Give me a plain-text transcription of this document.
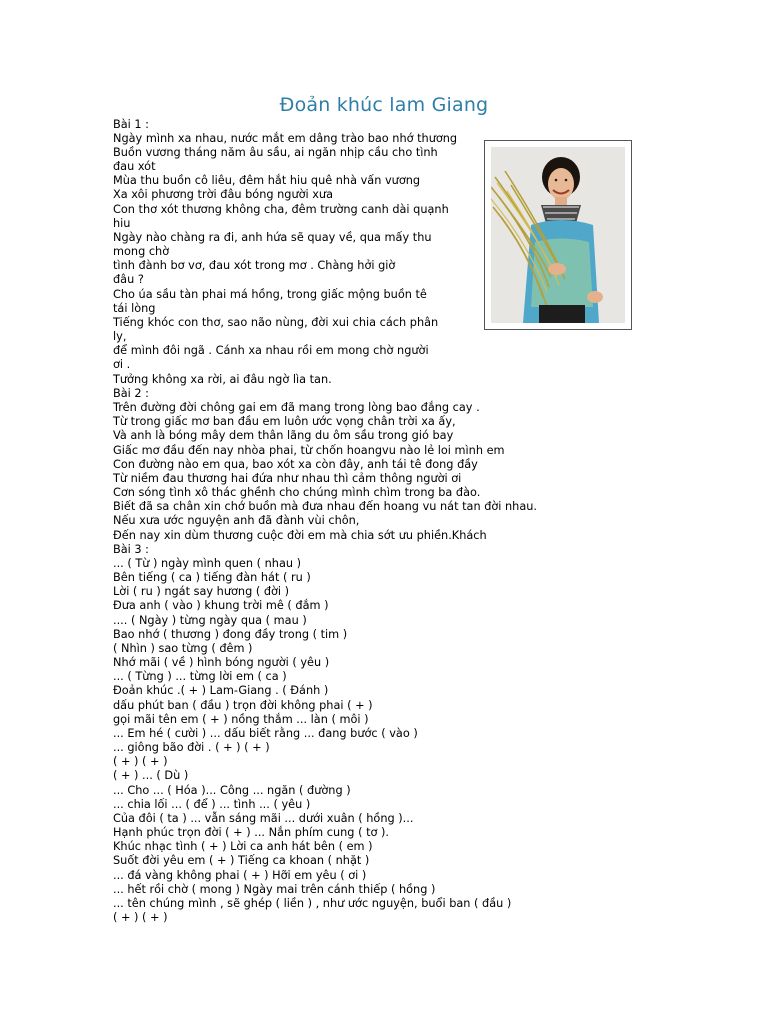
Đoản khúc lam Giang
Bài 1 :
Ngày mình xa nhau, nước mắt em dâng trào bao nhớ thương
Buồn vương tháng năm âu sầu, ai ngăn nhịp cầu cho tình
đau xót
Mùa thu buồn cô liêu, đêm hắt hiu quê nhà vấn vương
Xa xôi phương trời đâu bóng người xưa
Con thơ xót thương không cha, đêm trường canh dài quạnh
hiu
Ngày nào chàng ra đi, anh hứa sẽ quay về, qua mấy thu
mong chờ
tình đành bơ vơ, đau xót trong mơ . Chàng hởi giờ
đâu ?
Cho úa sầu tàn phai má hồng, trong giấc mộng buồn tê
tái lòng
Tiếng khóc con thơ, sao não nùng, đời xui chia cách phân
ly,
để mình đôi ngã . Cánh xa nhau rồi em mong chờ người
ơi .
Tưởng không xa rời, ai đâu ngờ lìa tan.
Bài 2 :
Trên đường đời chông gai em đã mang trong lòng bao đắng cay .
Từ trong giấc mơ ban đầu em luôn ước vọng chân trời xa ấy,
Và anh là bóng mây dem thân lãng du ôm sầu trong gió bay
Giấc mơ đầu đến nay nhòa phai, từ chốn hoangvu nào lẻ loi mình em
Con đường nào em qua, bao xót xa còn đây, anh tái tê đong đầy
Từ niềm đau thương hai đứa như nhau thì cảm thông người ơi
Cơn sóng tình xô thác ghềnh cho chúng mình chìm trong ba đào.
Biết đã sa chân xin chớ buồn mà đưa nhau đến hoang vu nát tan đời nhau.
Nếu xưa ước nguyện anh đã đành vùi chôn,
Đến nay xin dùm thương cuộc đời em mà chia sớt ưu phiền.Khách
Bài 3 :
... ( Từ ) ngày mình quen ( nhau )
Bên tiếng ( ca ) tiếng đàn hát ( ru )
Lời ( ru ) ngát say hương ( đời )
Đưa anh ( vào ) khung trời mê ( đắm )
.... ( Ngày ) từng ngày qua ( mau )
Bao nhớ ( thương ) đong đầy trong ( tim )
( Nhìn ) sao từng ( đêm )
Nhớ mãi ( về ) hình bóng người ( yêu )
... ( Từng ) ... từng lời em ( ca )
Đoản khúc .( + ) Lam-Giang . ( Đánh )
dấu phút ban ( đầu ) trọn đời không phai ( + )
gọi mãi tên em ( + ) nồng thắm ... làn ( môi )
... Em hé ( cười ) ... dấu biết rằng ... đang bước ( vào )
... giông bão đời . ( + ) ( + )
( + ) ( + )
( + ) ... ( Dù )
... Cho ... ( Hóa )... Công ... ngăn ( đường )
... chia lối ... ( để ) ... tình ... ( yêu )
Của đôi ( ta ) ... vẫn sáng mãi ... dưới xuân ( hồng )...
Hạnh phúc trọn đời ( + ) ... Nắn phím cung ( tơ ).
Khúc nhạc tình ( + ) Lời ca anh hát bên ( em )
Suốt đời yêu em ( + ) Tiếng ca khoan ( nhặt )
... đá vàng không phai ( + ) Hỡi em yêu ( ơi )
... hết rồi chờ ( mong ) Ngày mai trên cánh thiếp ( hồng )
... tên chúng mình , sẽ ghép ( liền ) , như ước nguyện, buổi ban ( đầu )
( + ) ( + )
